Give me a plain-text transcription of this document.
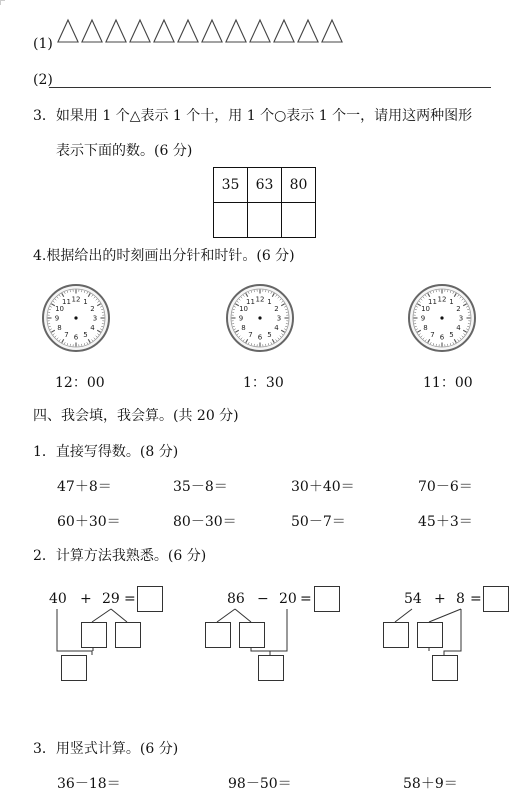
(1)
(2)
3．如果用 1 个△表示 1 个十，用 1 个○表示 1 个一，请用这两种图形
表示下面的数。(6 分)
35	63	80

4.根据给出的时刻画出分针和时针。(6 分)
12 1
2
3
4
5
6
7
8
9
10
11	12 1
2
3
4
5
6
7
8
9
10
11	12 1
2
3
4
5
6
7
8
9
10
11
12：00	1：30	11：00
四、我会填，我会算。(共 20 分)
1．直接写得数。(8 分)
47＋8＝	35－8＝	30＋40＝	70－6＝
60＋30＝	80－30＝	50－7＝	45＋3＝
2．计算方法我熟悉。(6 分)
40 + 29 =	86 − 20 =	54 + 8 =
3．用竖式计算。(6 分)
36－18＝	98－50＝	58＋9＝
